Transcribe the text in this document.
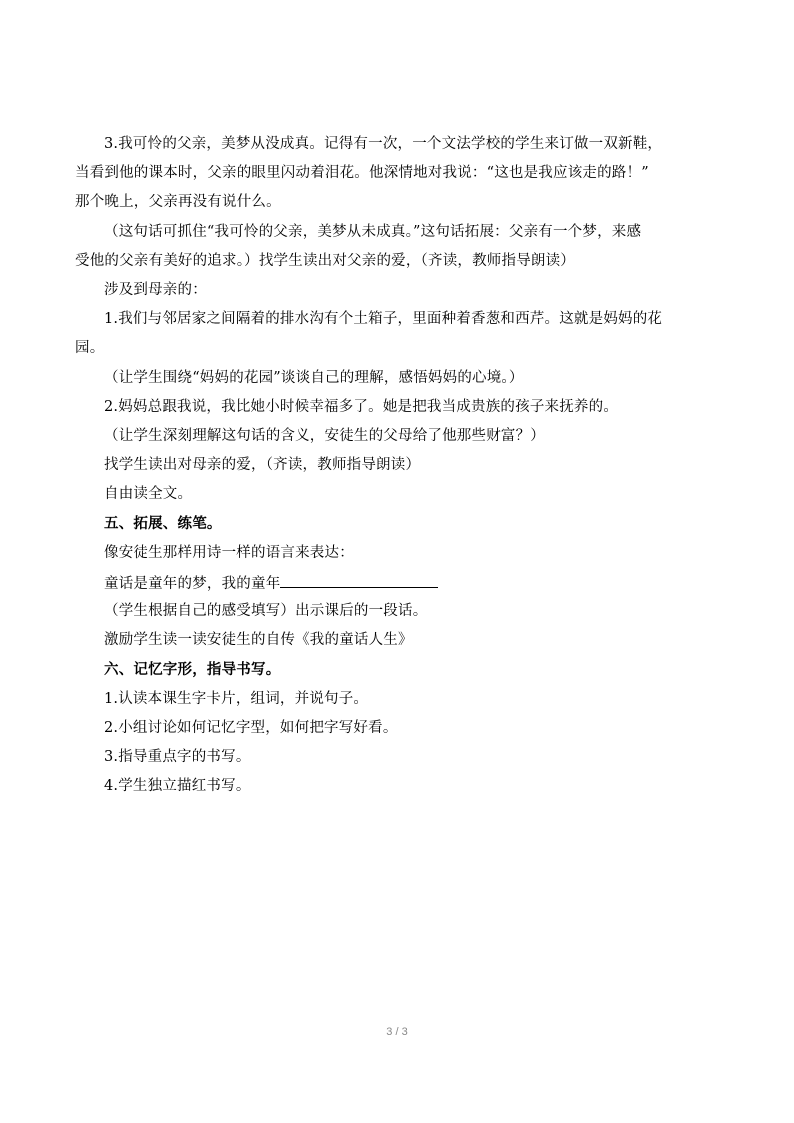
3.我可怜的父亲，美梦从没成真。记得有一次，一个文法学校的学生来订做一双新鞋，
当看到他的课本时，父亲的眼里闪动着泪花。他深情地对我说：“这也是我应该走的路！”
那个晚上，父亲再没有说什么。
（这句话可抓住“我可怜的父亲，美梦从未成真。”这句话拓展：父亲有一个梦，来感
受他的父亲有美好的追求。）找学生读出对父亲的爱，（齐读，教师指导朗读）
涉及到母亲的：
1.我们与邻居家之间隔着的排水沟有个土箱子，里面种着香葱和西芹。这就是妈妈的花
园。
（让学生围绕“妈妈的花园”谈谈自己的理解，感悟妈妈的心境。）
2.妈妈总跟我说，我比她小时候幸福多了。她是把我当成贵族的孩子来抚养的。
（让学生深刻理解这句话的含义，安徒生的父母给了他那些财富？）
找学生读出对母亲的爱，（齐读，教师指导朗读）
自由读全文。
五、拓展、练笔。
像安徒生那样用诗一样的语言来表达：
童话是童年的梦，我的童年
（学生根据自己的感受填写）出示课后的一段话。
激励学生读一读安徒生的自传《我的童话人生》
六、记忆字形，指导书写。
1.认读本课生字卡片，组词，并说句子。
2.小组讨论如何记忆字型，如何把字写好看。
3.指导重点字的书写。
4.学生独立描红书写。
3 / 3
